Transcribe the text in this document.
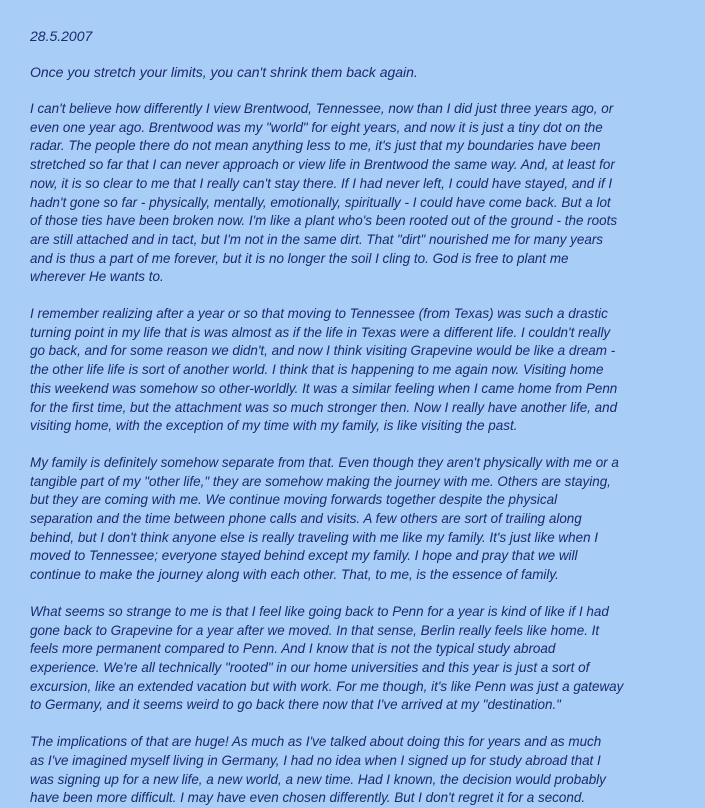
28.5.2007

Once you stretch your limits, you can't shrink them back again.

I can't believe how differently I view Brentwood, Tennessee, now than I did just three years ago, or
even one year ago. Brentwood was my "world" for eight years, and now it is just a tiny dot on the
radar. The people there do not mean anything less to me, it's just that my boundaries have been
stretched so far that I can never approach or view life in Brentwood the same way. And, at least for
now, it is so clear to me that I really can't stay there. If I had never left, I could have stayed, and if I
hadn't gone so far - physically, mentally, emotionally, spiritually - I could have come back. But a lot
of those ties have been broken now. I'm like a plant who's been rooted out of the ground - the roots
are still attached and in tact, but I'm not in the same dirt. That "dirt" nourished me for many years
and is thus a part of me forever, but it is no longer the soil I cling to. God is free to plant me
wherever He wants to.

I remember realizing after a year or so that moving to Tennessee (from Texas) was such a drastic
turning point in my life that is was almost as if the life in Texas were a different life. I couldn't really
go back, and for some reason we didn't, and now I think visiting Grapevine would be like a dream -
the other life life is sort of another world. I think that is happening to me again now. Visiting home
this weekend was somehow so other-worldly. It was a similar feeling when I came home from Penn
for the first time, but the attachment was so much stronger then. Now I really have another life, and
visiting home, with the exception of my time with my family, is like visiting the past.

My family is definitely somehow separate from that. Even though they aren't physically with me or a
tangible part of my "other life," they are somehow making the journey with me. Others are staying,
but they are coming with me. We continue moving forwards together despite the physical
separation and the time between phone calls and visits. A few others are sort of trailing along
behind, but I don't think anyone else is really traveling with me like my family. It's just like when I
moved to Tennessee; everyone stayed behind except my family. I hope and pray that we will
continue to make the journey along with each other. That, to me, is the essence of family.

What seems so strange to me is that I feel like going back to Penn for a year is kind of like if I had
gone back to Grapevine for a year after we moved. In that sense, Berlin really feels like home. It
feels more permanent compared to Penn. And I know that is not the typical study abroad
experience. We're all technically "rooted" in our home universities and this year is just a sort of
excursion, like an extended vacation but with work. For me though, it's like Penn was just a gateway
to Germany, and it seems weird to go back there now that I've arrived at my "destination."

The implications of that are huge! As much as I've talked about doing this for years and as much
as I've imagined myself living in Germany, I had no idea when I signed up for study abroad that I
was signing up for a new life, a new world, a new time. Had I known, the decision would probably
have been more difficult. I may have even chosen differently. But I don't regret it for a second.
